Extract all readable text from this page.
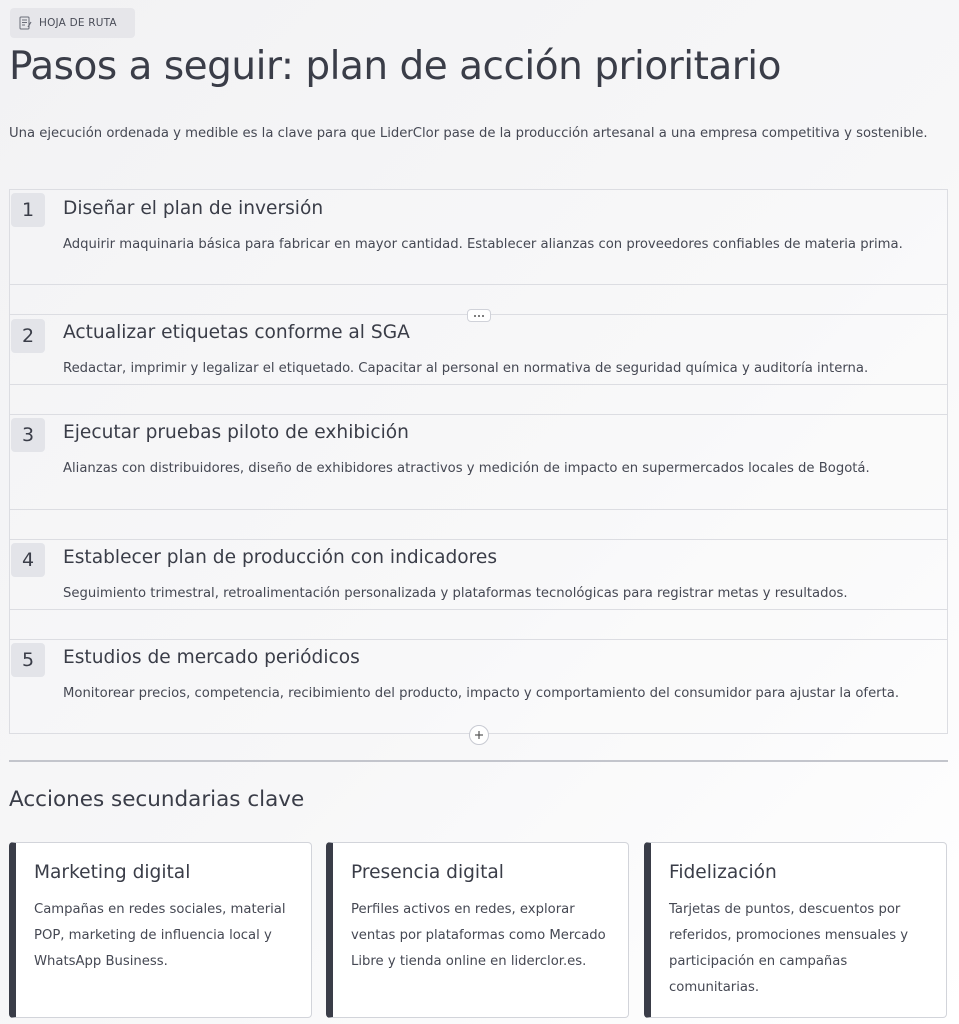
HOJA DE RUTA
Pasos a seguir: plan de acción prioritario

Una ejecución ordenada y medible es la clave para que LiderClor pase de la producción artesanal a una empresa competitiva y sostenible.

1	Diseñar el plan de inversión

Adquirir maquinaria básica para fabricar en mayor cantidad. Establecer alianzas con proveedores confiables de materia prima.

2	Actualizar etiquetas conforme al SGA

Redactar, imprimir y legalizar el etiquetado. Capacitar al personal en normativa de seguridad química y auditoría interna.

3	Ejecutar pruebas piloto de exhibición

Alianzas con distribuidores, diseño de exhibidores atractivos y medición de impacto en supermercados locales de Bogotá.

4	Establecer plan de producción con indicadores

Seguimiento trimestral, retroalimentación personalizada y plataformas tecnológicas para registrar metas y resultados.

5	Estudios de mercado periódicos

Monitorear precios, competencia, recibimiento del producto, impacto y comportamiento del consumidor para ajustar la oferta.

Acciones secundarias clave
Marketing digital

Campañas en redes sociales, material POP, marketing de influencia local y WhatsApp Business.

Presencia digital

Perfiles activos en redes, explorar ventas por plataformas como Mercado Libre y tienda online en liderclor.es.

Fidelización

Tarjetas de puntos, descuentos por referidos, promociones mensuales y participación en campañas comunitarias.
